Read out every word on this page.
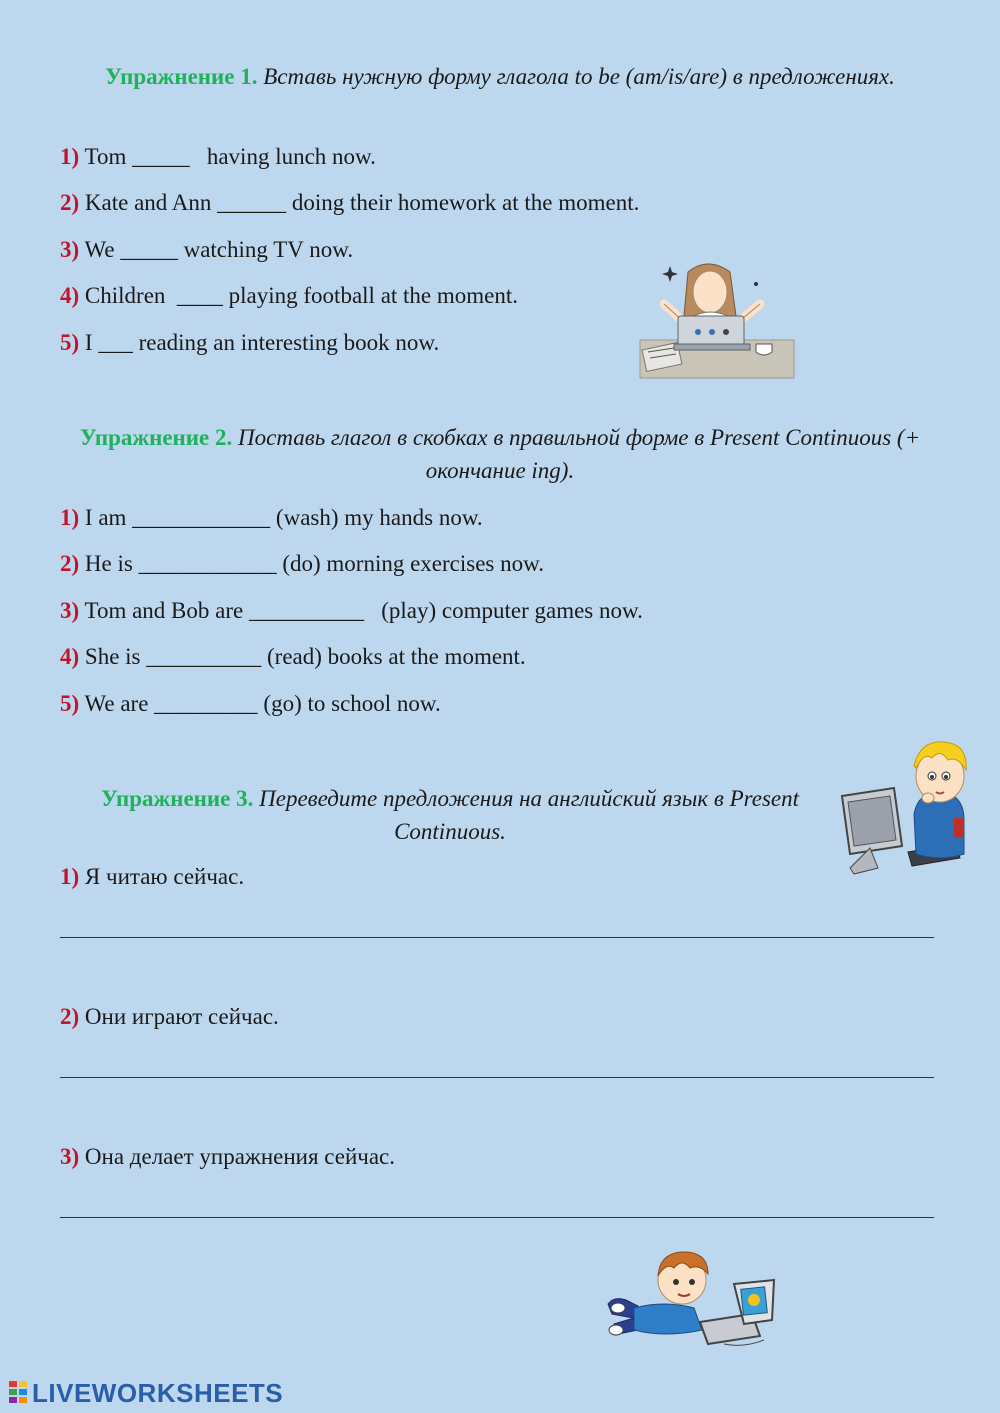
Упражнение 1. Вставь нужную форму глагола to be (am/is/are) в предложениях.
1) Tom _____   having lunch now.
2) Kate and Ann ______ doing their homework at the moment.
3) We _____ watching TV now.
4) Children  ____ playing football at the moment.
5) I ___ reading an interesting book now.
Упражнение 2. Поставь глагол в скобках в правильной форме в Present Continuous (+ окончание ing).
1) I am ____________ (wash) my hands now.
2) He is ____________ (do) morning exercises now.
3) Tom and Bob are __________   (play) computer games now.
4) She is __________ (read) books at the moment.
5) We are _________ (go) to school now.
Упражнение 3. Переведите предложения на английский язык в Present Continuous.
1) Я читаю сейчас.
2) Они играют сейчас.
3) Она делает упражнения сейчас.
LIVEWORKSHEETS
